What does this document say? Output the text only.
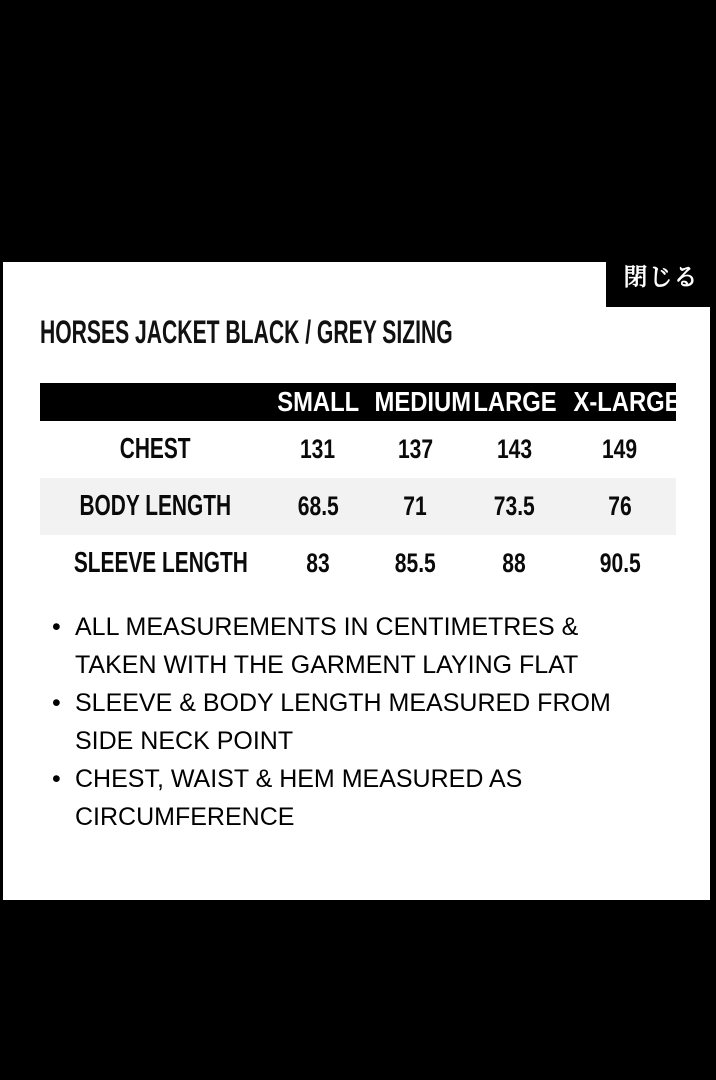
閉じる
HORSES JACKET BLACK / GREY SIZING
	SMALL	MEDIUM	LARGE	X-LARGE
CHEST	131	137	143	149
BODY LENGTH	68.5	71	73.5	76
SLEEVE LENGTH	83	85.5	88	90.5
• ALL MEASUREMENTS IN CENTIMETRES &
TAKEN WITH THE GARMENT LAYING FLAT
• SLEEVE & BODY LENGTH MEASURED FROM
SIDE NECK POINT
• CHEST, WAIST & HEM MEASURED AS
CIRCUMFERENCE
